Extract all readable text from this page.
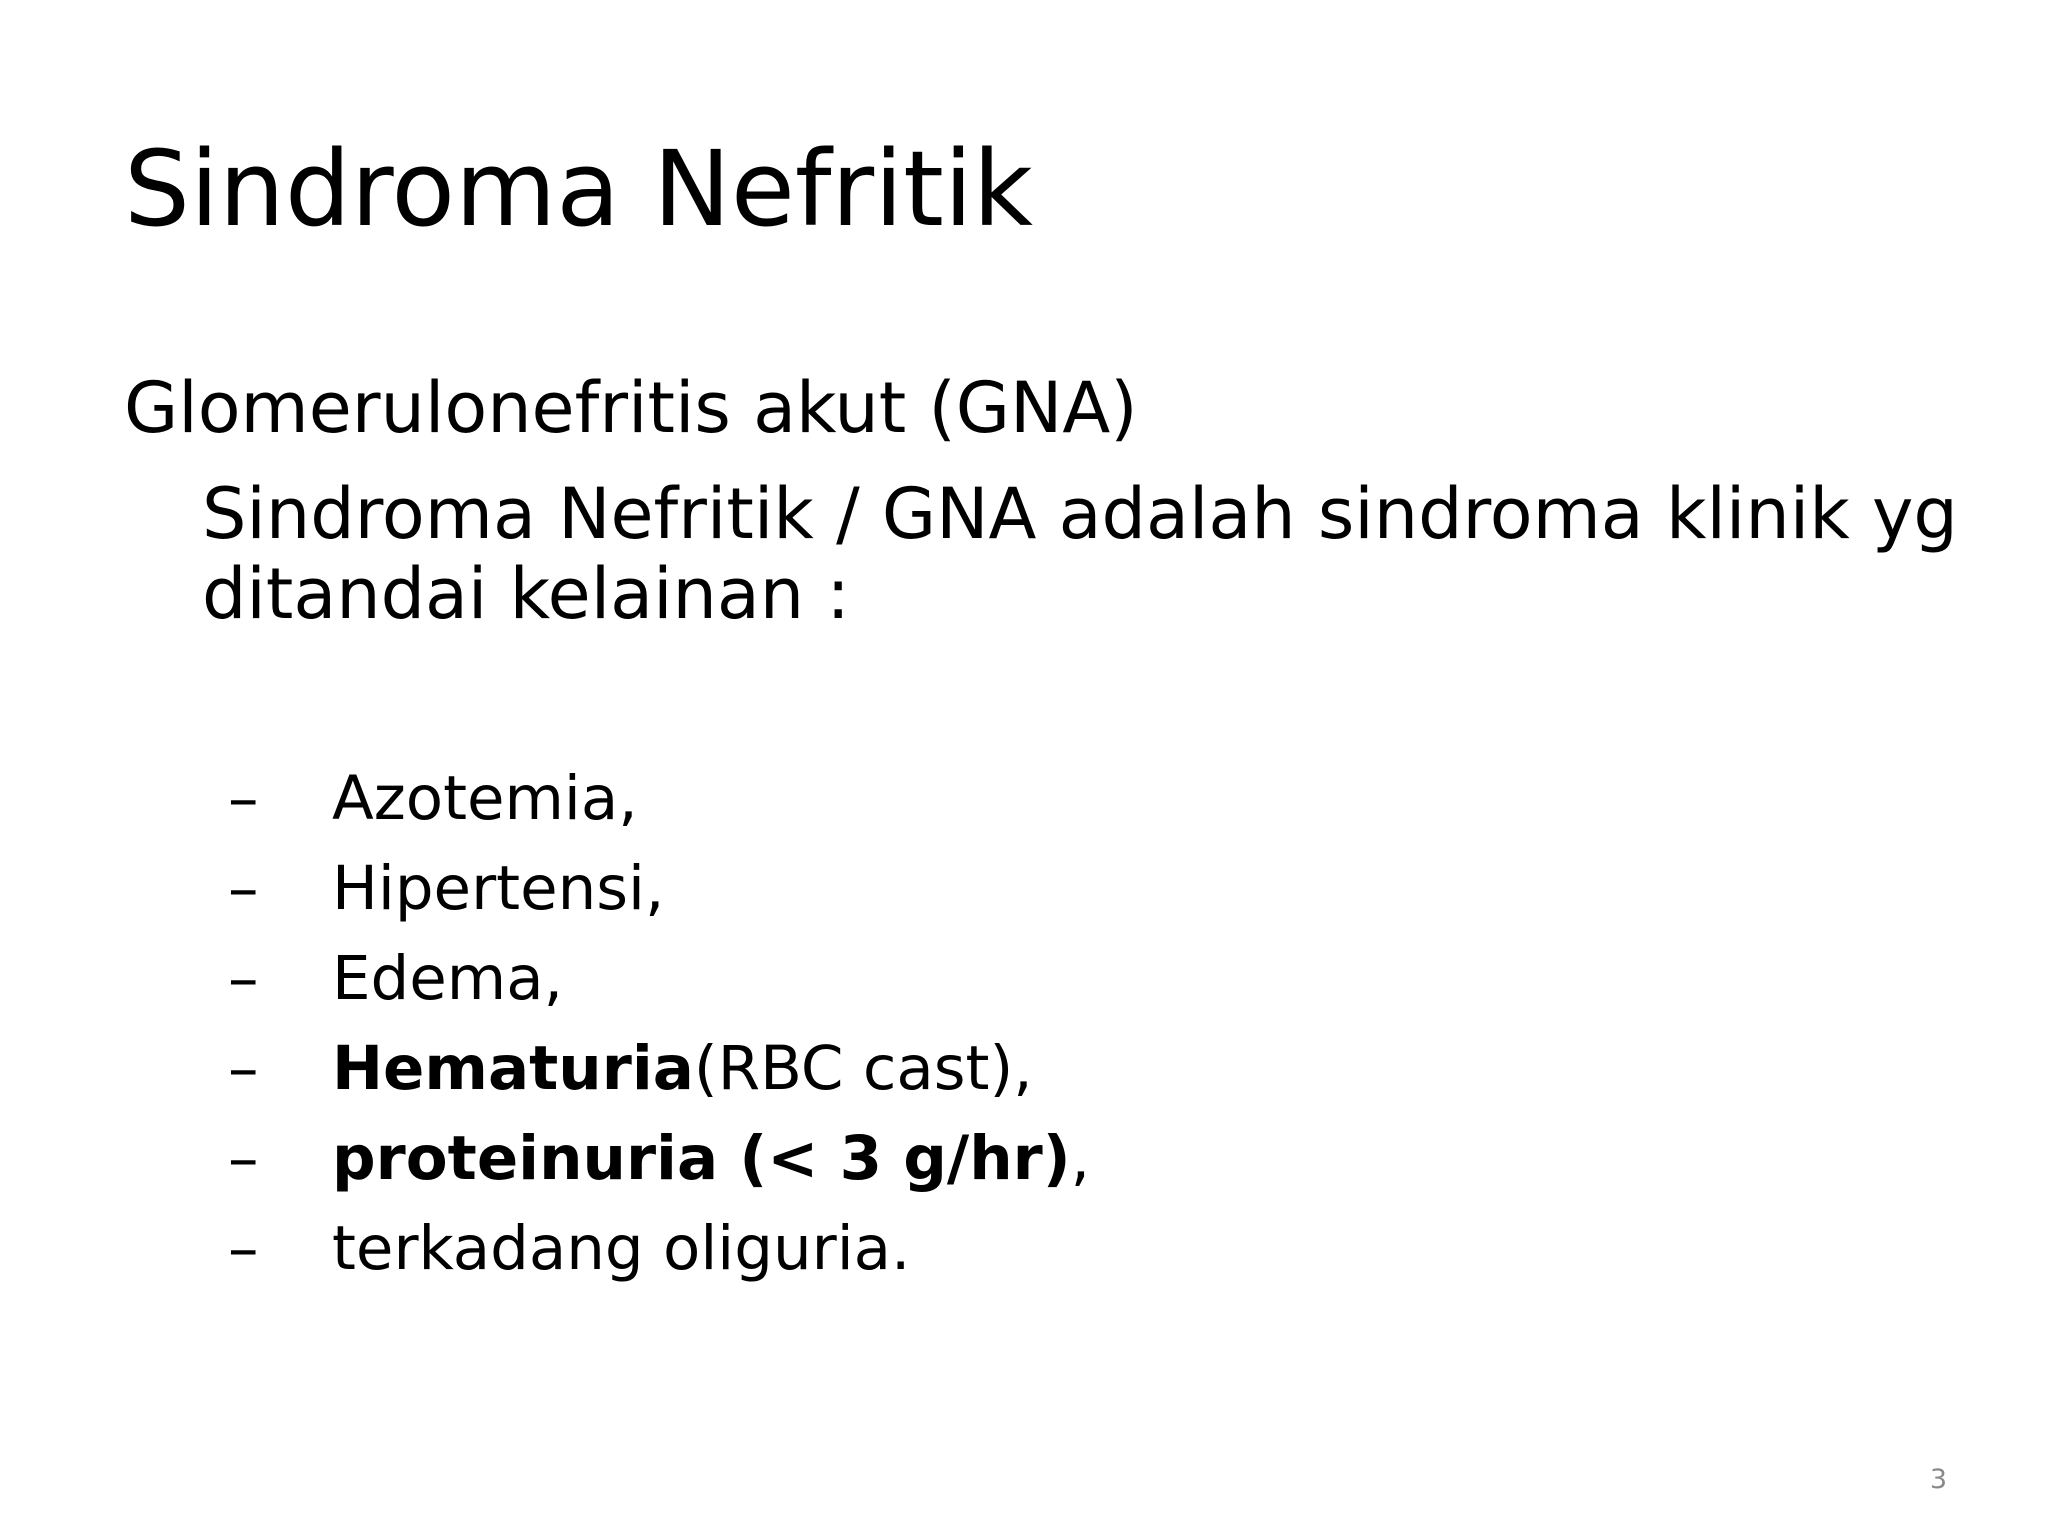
Sindroma Nefritik
Glomerulonefritis akut (GNA)
Sindroma Nefritik / GNA adalah sindroma klinik yg ditandai kelainan :
–	Azotemia,
–	Hipertensi,
–	Edema,
–	Hematuria (RBC cast),
–	proteinuria (< 3 g/hr) ,
–	terkadang oliguria.
3
